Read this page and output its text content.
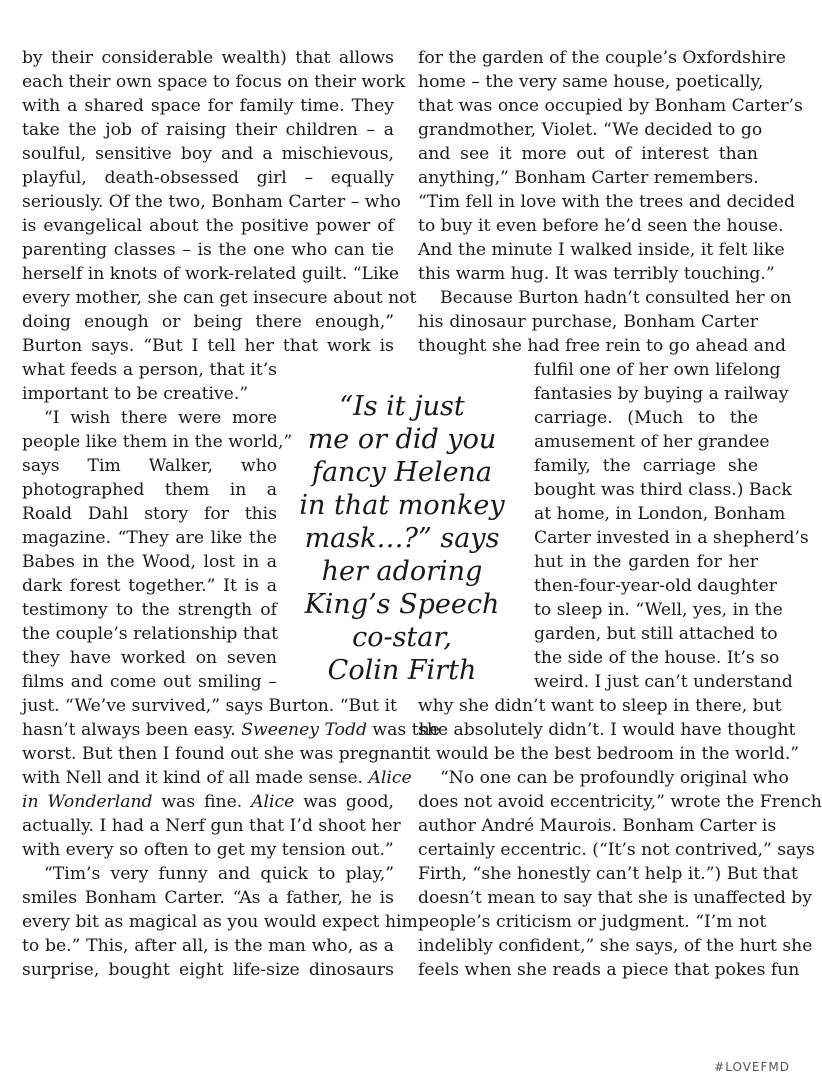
by their considerable wealth) that allows
each their own space to focus on their work
with a shared space for family time. They
take the job of raising their children – a
soulful, sensitive boy and a mischievous,
playful, death-obsessed girl – equally
seriously. Of the two, Bonham Carter – who
is evangelical about the positive power of
parenting classes – is the one who can tie
herself in knots of work-related guilt. “Like
every mother, she can get insecure about not
doing enough or being there enough,”
Burton says. “But I tell her that work is
what feeds a person, that it’s
important to be creative.”
“I wish there were more
people like them in the world,”
says Tim Walker, who
photographed them in a
Roald Dahl story for this
magazine. “They are like the
Babes in the Wood, lost in a
dark forest together.” It is a
testimony to the strength of
the couple’s relationship that
they have worked on seven
films and come out smiling –
just. “We’ve survived,” says Burton. “But it
hasn’t always been easy. Sweeney Todd was the
worst. But then I found out she was pregnant
with Nell and it kind of all made sense. Alice
in Wonderland was fine. Alice was good,
actually. I had a Nerf gun that I’d shoot her
with every so often to get my tension out.”
“Tim’s very funny and quick to play,”
smiles Bonham Carter. “As a father, he is
every bit as magical as you would expect him
to be.” This, after all, is the man who, as a
surprise, bought eight life-size dinosaurs
for the garden of the couple’s Oxfordshire
home – the very same house, poetically,
that was once occupied by Bonham Carter’s
grandmother, Violet. “We decided to go
and see it more out of interest than
anything,” Bonham Carter remembers.
“Tim fell in love with the trees and decided
to buy it even before he’d seen the house.
And the minute I walked inside, it felt like
this warm hug. It was terribly touching.”
Because Burton hadn’t consulted her on
his dinosaur purchase, Bonham Carter
thought she had free rein to go ahead and
fulfil one of her own lifelong
fantasies by buying a railway
carriage. (Much to the
amusement of her grandee
family, the carriage she
bought was third class.) Back
at home, in London, Bonham
Carter invested in a shepherd’s
hut in the garden for her
then-four-year-old daughter
to sleep in. “Well, yes, in the
garden, but still attached to
the side of the house. It’s so
weird. I just can’t understand
why she didn’t want to sleep in there, but
she absolutely didn’t. I would have thought
it would be the best bedroom in the world.”
“No one can be profoundly original who
does not avoid eccentricity,” wrote the French
author André Maurois. Bonham Carter is
certainly eccentric. (“It’s not contrived,” says
Firth, “she honestly can’t help it.”) But that
doesn’t mean to say that she is unaffected by
people’s criticism or judgment. “I’m not
indelibly confident,” she says, of the hurt she
feels when she reads a piece that pokes fun
“Is it just
me or did you
fancy Helena
in that monkey
mask…?” says
her adoring
King’s Speech
co-star,
Colin Firth
#LOVEFMD
